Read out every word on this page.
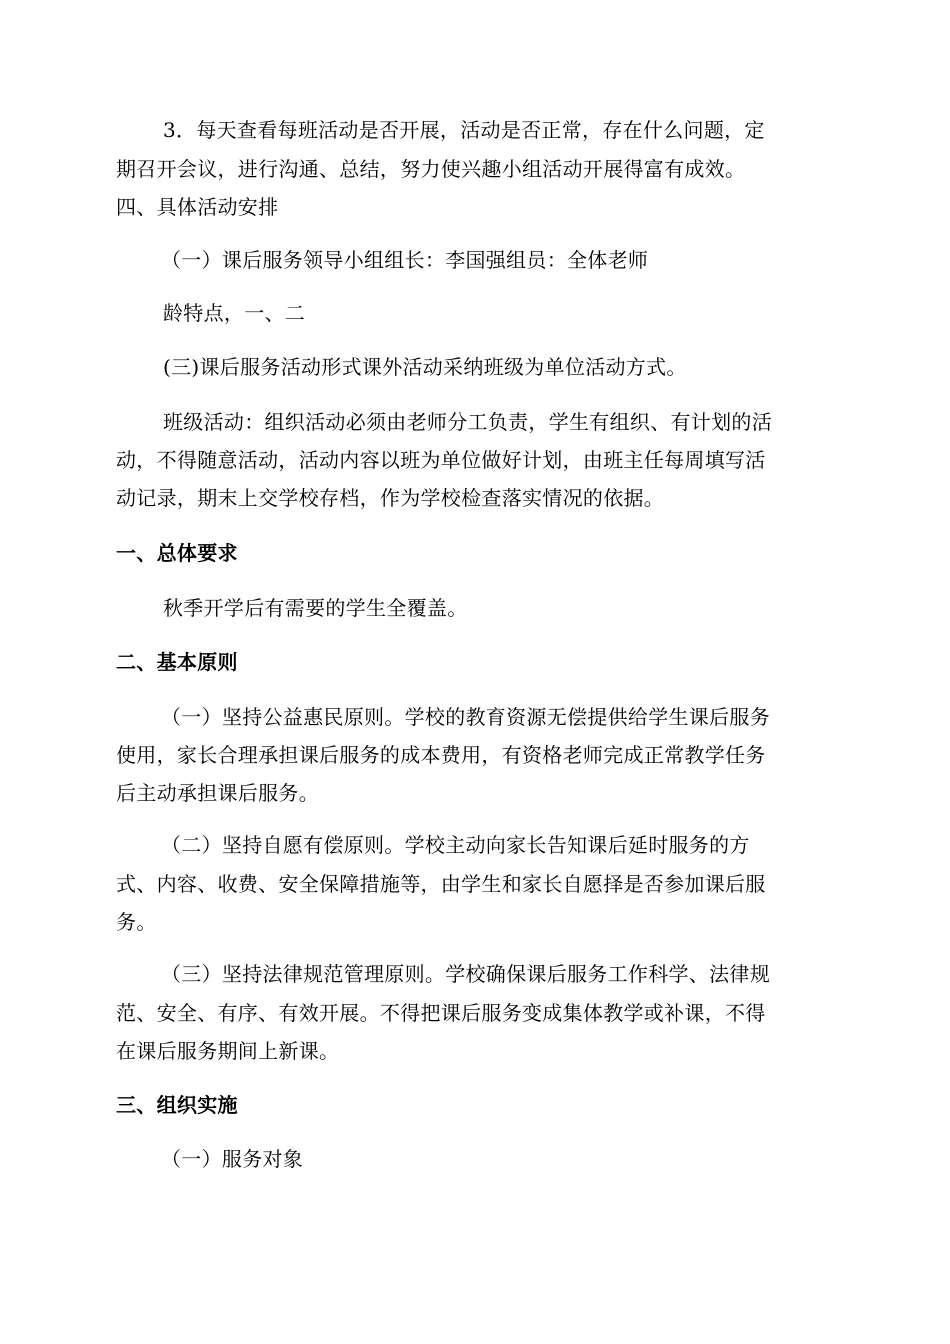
3．每天查看每班活动是否开展，活动是否正常，存在什么问题，定
期召开会议，进行沟通、总结，努力使兴趣小组活动开展得富有成效。
四、具体活动安排
（一）课后服务领导小组组长：李国强组员：全体老师
龄特点，一、二
(三)课后服务活动形式课外活动采纳班级为单位活动方式。
班级活动：组织活动必须由老师分工负责，学生有组织、有计划的活
动，不得随意活动，活动内容以班为单位做好计划，由班主任每周填写活
动记录，期末上交学校存档，作为学校检查落实情况的依据。
一、总体要求
秋季开学后有需要的学生全覆盖。
二、基本原则
（一）坚持公益惠民原则。学校的教育资源无偿提供给学生课后服务
使用，家长合理承担课后服务的成本费用，有资格老师完成正常教学任务
后主动承担课后服务。
（二）坚持自愿有偿原则。学校主动向家长告知课后延时服务的方
式、内容、收费、安全保障措施等，由学生和家长自愿择是否参加课后服
务。
（三）坚持法律规范管理原则。学校确保课后服务工作科学、法律规
范、安全、有序、有效开展。不得把课后服务变成集体教学或补课，不得
在课后服务期间上新课。
三、组织实施
（一）服务对象
